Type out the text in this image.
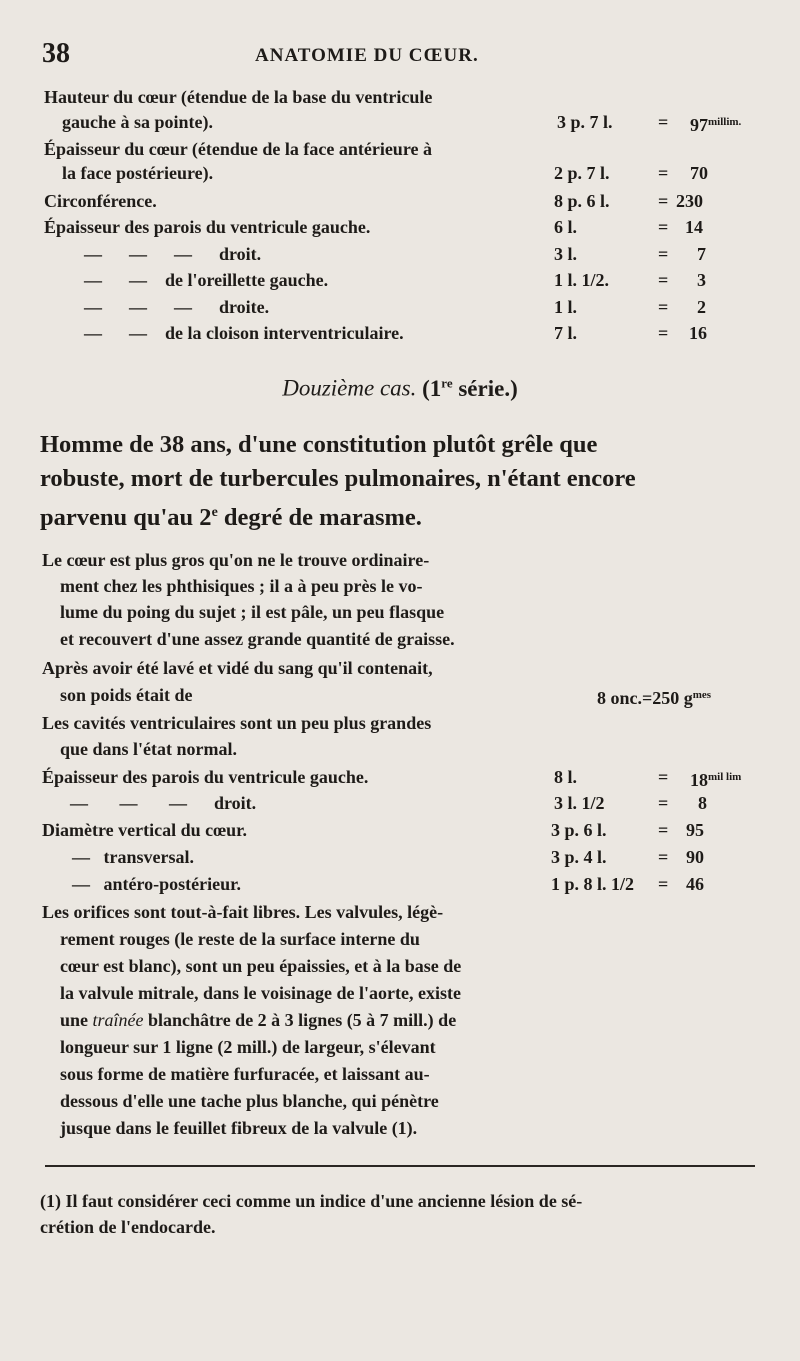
38	ANATOMIE DU CŒUR.
Hauteur du cœur (étendue de la base du ventricule
gauche à sa pointe).	3 p. 7 l.	= $97^{millim.}$
Épaisseur du cœur (étendue de la face antérieure à
la face postérieure).	2 p. 7 l.	= 70
Circonférence.	8 p. 6 l.	= 230
Épaisseur des parois du ventricule gauche.	6 l.	= 14
—      —      —      droit.	3 l.	= 7
—      —    de l'oreillette gauche.	1 l. 1/2.	= 3
—      —      —      droite.	1 l.	= 2
—      —    de la cloison interventriculaire.	7 l.	= 16
Douzième cas. (1re série.)
Homme de 38 ans, d'une constitution plutôt grêle que
robuste, mort de turbercules pulmonaires, n'étant encore
parvenu qu'au 2e degré de marasme.
Le cœur est plus gros qu'on ne le trouve ordinaire-
ment chez les phthisiques ; il a à peu près le vo-
lume du poing du sujet ; il est pâle, un peu flasque
et recouvert d'une assez grande quantité de graisse.
Après avoir été lavé et vidé du sang qu'il contenait,
son poids était de	8 onc.=250 $g^{mes}$
Les cavités ventriculaires sont un peu plus grandes
que dans l'état normal.
Épaisseur des parois du ventricule gauche.	8 l.	= $18^{mil lim}$
—       —       —      droit.	3 l. 1/2	= 8
Diamètre vertical du cœur.	3 p. 6 l.	= 95
—   transversal.	3 p. 4 l.	= 90
—   antéro-postérieur.	1 p. 8 l. 1/2 = 46
Les orifices sont tout-à-fait libres. Les valvules, légè-
rement rouges (le reste de la surface interne du
cœur est blanc), sont un peu épaissies, et à la base de
la valvule mitrale, dans le voisinage de l'aorte, existe
une traînée blanchâtre de 2 à 3 lignes (5 à 7 mill.) de
longueur sur 1 ligne (2 mill.) de largeur, s'élevant
sous forme de matière furfuracée, et laissant au-
dessous d'elle une tache plus blanche, qui pénètre
jusque dans le feuillet fibreux de la valvule (1).
(1) Il faut considérer ceci comme un indice d'une ancienne lésion de sé-
crétion de l'endocarde.
